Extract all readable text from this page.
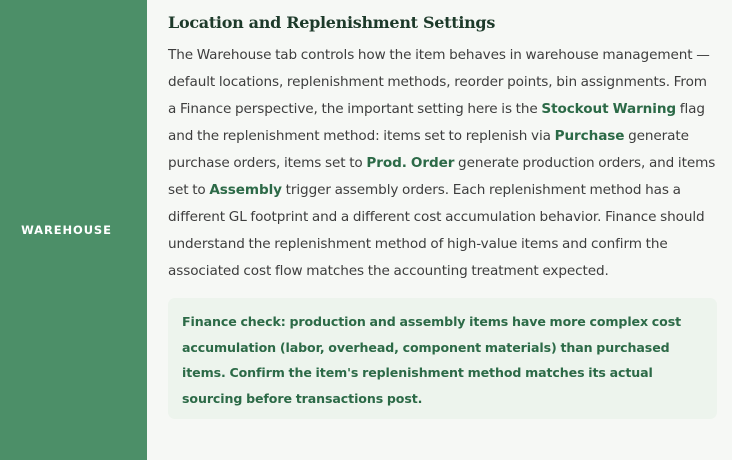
WAREHOUSE
Location and Replenishment Settings

The Warehouse tab controls how the item behaves in warehouse management — default locations, replenishment methods, reorder points, bin assignments. From a Finance perspective, the important setting here is the Stockout Warning flag and the replenishment method: items set to replenish via Purchase generate purchase orders, items set to Prod. Order generate production orders, and items set to Assembly trigger assembly orders. Each replenishment method has a different GL footprint and a different cost accumulation behavior. Finance should understand the replenishment method of high-value items and confirm the associated cost flow matches the accounting treatment expected.

Finance check: production and assembly items have more complex cost accumulation (labor, overhead, component materials) than purchased items. Confirm the item's replenishment method matches its actual sourcing before transactions post.
